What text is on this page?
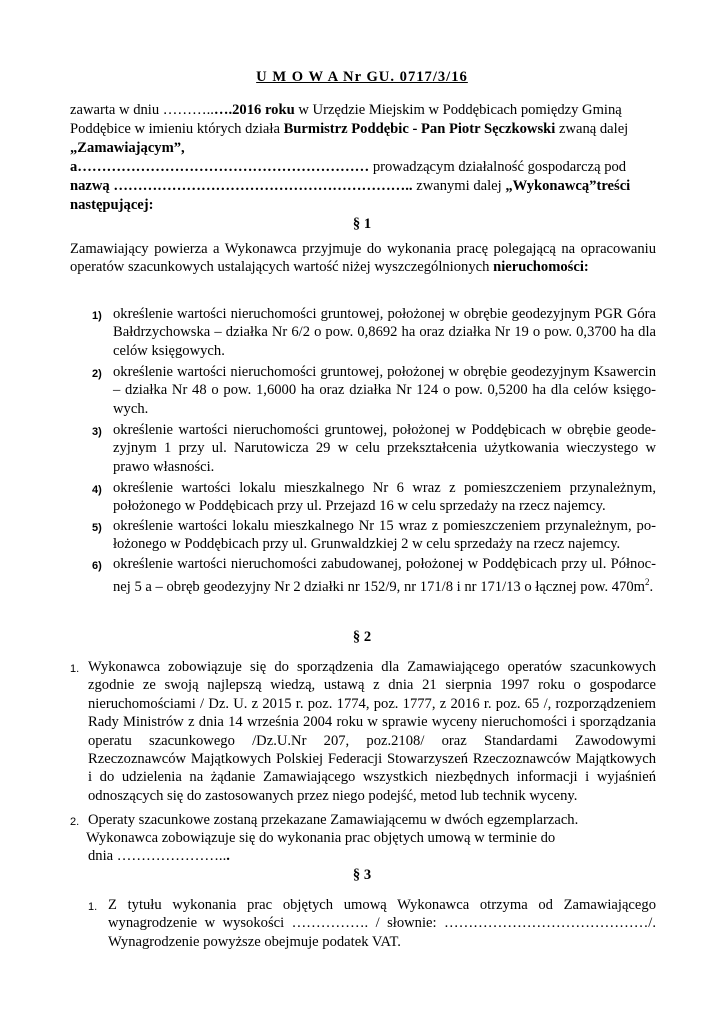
U M O W A Nr GU. 0717/3/16
zawarta w dniu ………..….2016 roku w Urzędzie Miejskim w Poddębicach pomiędzy Gminą
Poddębice w imieniu których działa Burmistrz Poddębic - Pan Piotr Sęczkowski zwaną dalej
„Zamawiającym”,
a…………………………………………………… prowadzącym działalność gospodarczą pod
nazwą …………………………………………………….. zwanymi dalej „Wykonawcą”treści
następującej:
§ 1
Zamawiający powierza a Wykonawca przyjmuje do wykonania pracę polegającą na opracowaniu operatów szacunkowych ustalających wartość niżej wyszczególnionych nieruchomości:
1) określenie wartości nieruchomości gruntowej, położonej w obrębie geodezyjnym PGR Góra Bałdrzychowska – działka Nr 6/2 o pow. 0,8692 ha oraz działka Nr 19 o pow. 0,3700 ha dla celów księgowych.
2) określenie wartości nieruchomości gruntowej, położonej w obrębie geodezyjnym Ksawercin – działka Nr 48 o pow. 1,6000 ha oraz działka Nr 124 o pow. 0,5200 ha dla celów księgowych.
3) określenie wartości nieruchomości gruntowej, położonej w Poddębicach w obrębie geodezyjnym 1 przy ul. Narutowicza 29 w celu przekształcenia użytkowania wieczystego w prawo własności.
4) określenie wartości lokalu mieszkalnego Nr 6 wraz z pomieszczeniem przynależnym, położonego w Poddębicach przy ul. Przejazd 16 w celu sprzedaży na rzecz najemcy.
5) określenie wartości lokalu mieszkalnego Nr 15 wraz z pomieszczeniem przynależnym, położonego w Poddębicach przy ul. Grunwaldzkiej 2 w celu sprzedaży na rzecz najemcy.
6) określenie wartości nieruchomości zabudowanej, położonej w Poddębicach przy ul. Północnej 5 a – obręb geodezyjny Nr 2 działki nr 152/9, nr 171/8 i nr 171/13 o łącznej pow. $470m^2$.
§ 2
1. Wykonawca zobowiązuje się do sporządzenia dla Zamawiającego operatów szacunkowych zgodnie ze swoją najlepszą wiedzą, ustawą z dnia 21 sierpnia 1997 roku o gospodarce nieruchomościami / Dz. U. z 2015 r. poz. 1774, poz. 1777, z 2016 r. poz. 65 /, rozporządzeniem Rady Ministrów z dnia 14 września 2004 roku w sprawie wyceny nieruchomości i sporządzania operatu szacunkowego /Dz.U.Nr 207, poz.2108/ oraz Standardami Zawodowymi Rzeczoznawców Majątkowych Polskiej Federacji Stowarzyszeń Rzeczoznawców Majątkowych i do udzielenia na żądanie Zamawiającego wszystkich niezbędnych informacji i wyjaśnień odnoszących się do zastosowanych przez niego podejść, metod lub technik wyceny.
2. Operaty szacunkowe zostaną przekazane Zamawiającemu w dwóch egzemplarzach.
Wykonawca zobowiązuje się do wykonania prac objętych umową w terminie do
dnia …………………...
§ 3
1. Z tytułu wykonania prac objętych umową Wykonawca otrzyma od Zamawiającego wynagrodzenie w wysokości ……………. / słownie: ……………………………………/. Wynagrodzenie powyższe obejmuje podatek VAT.
